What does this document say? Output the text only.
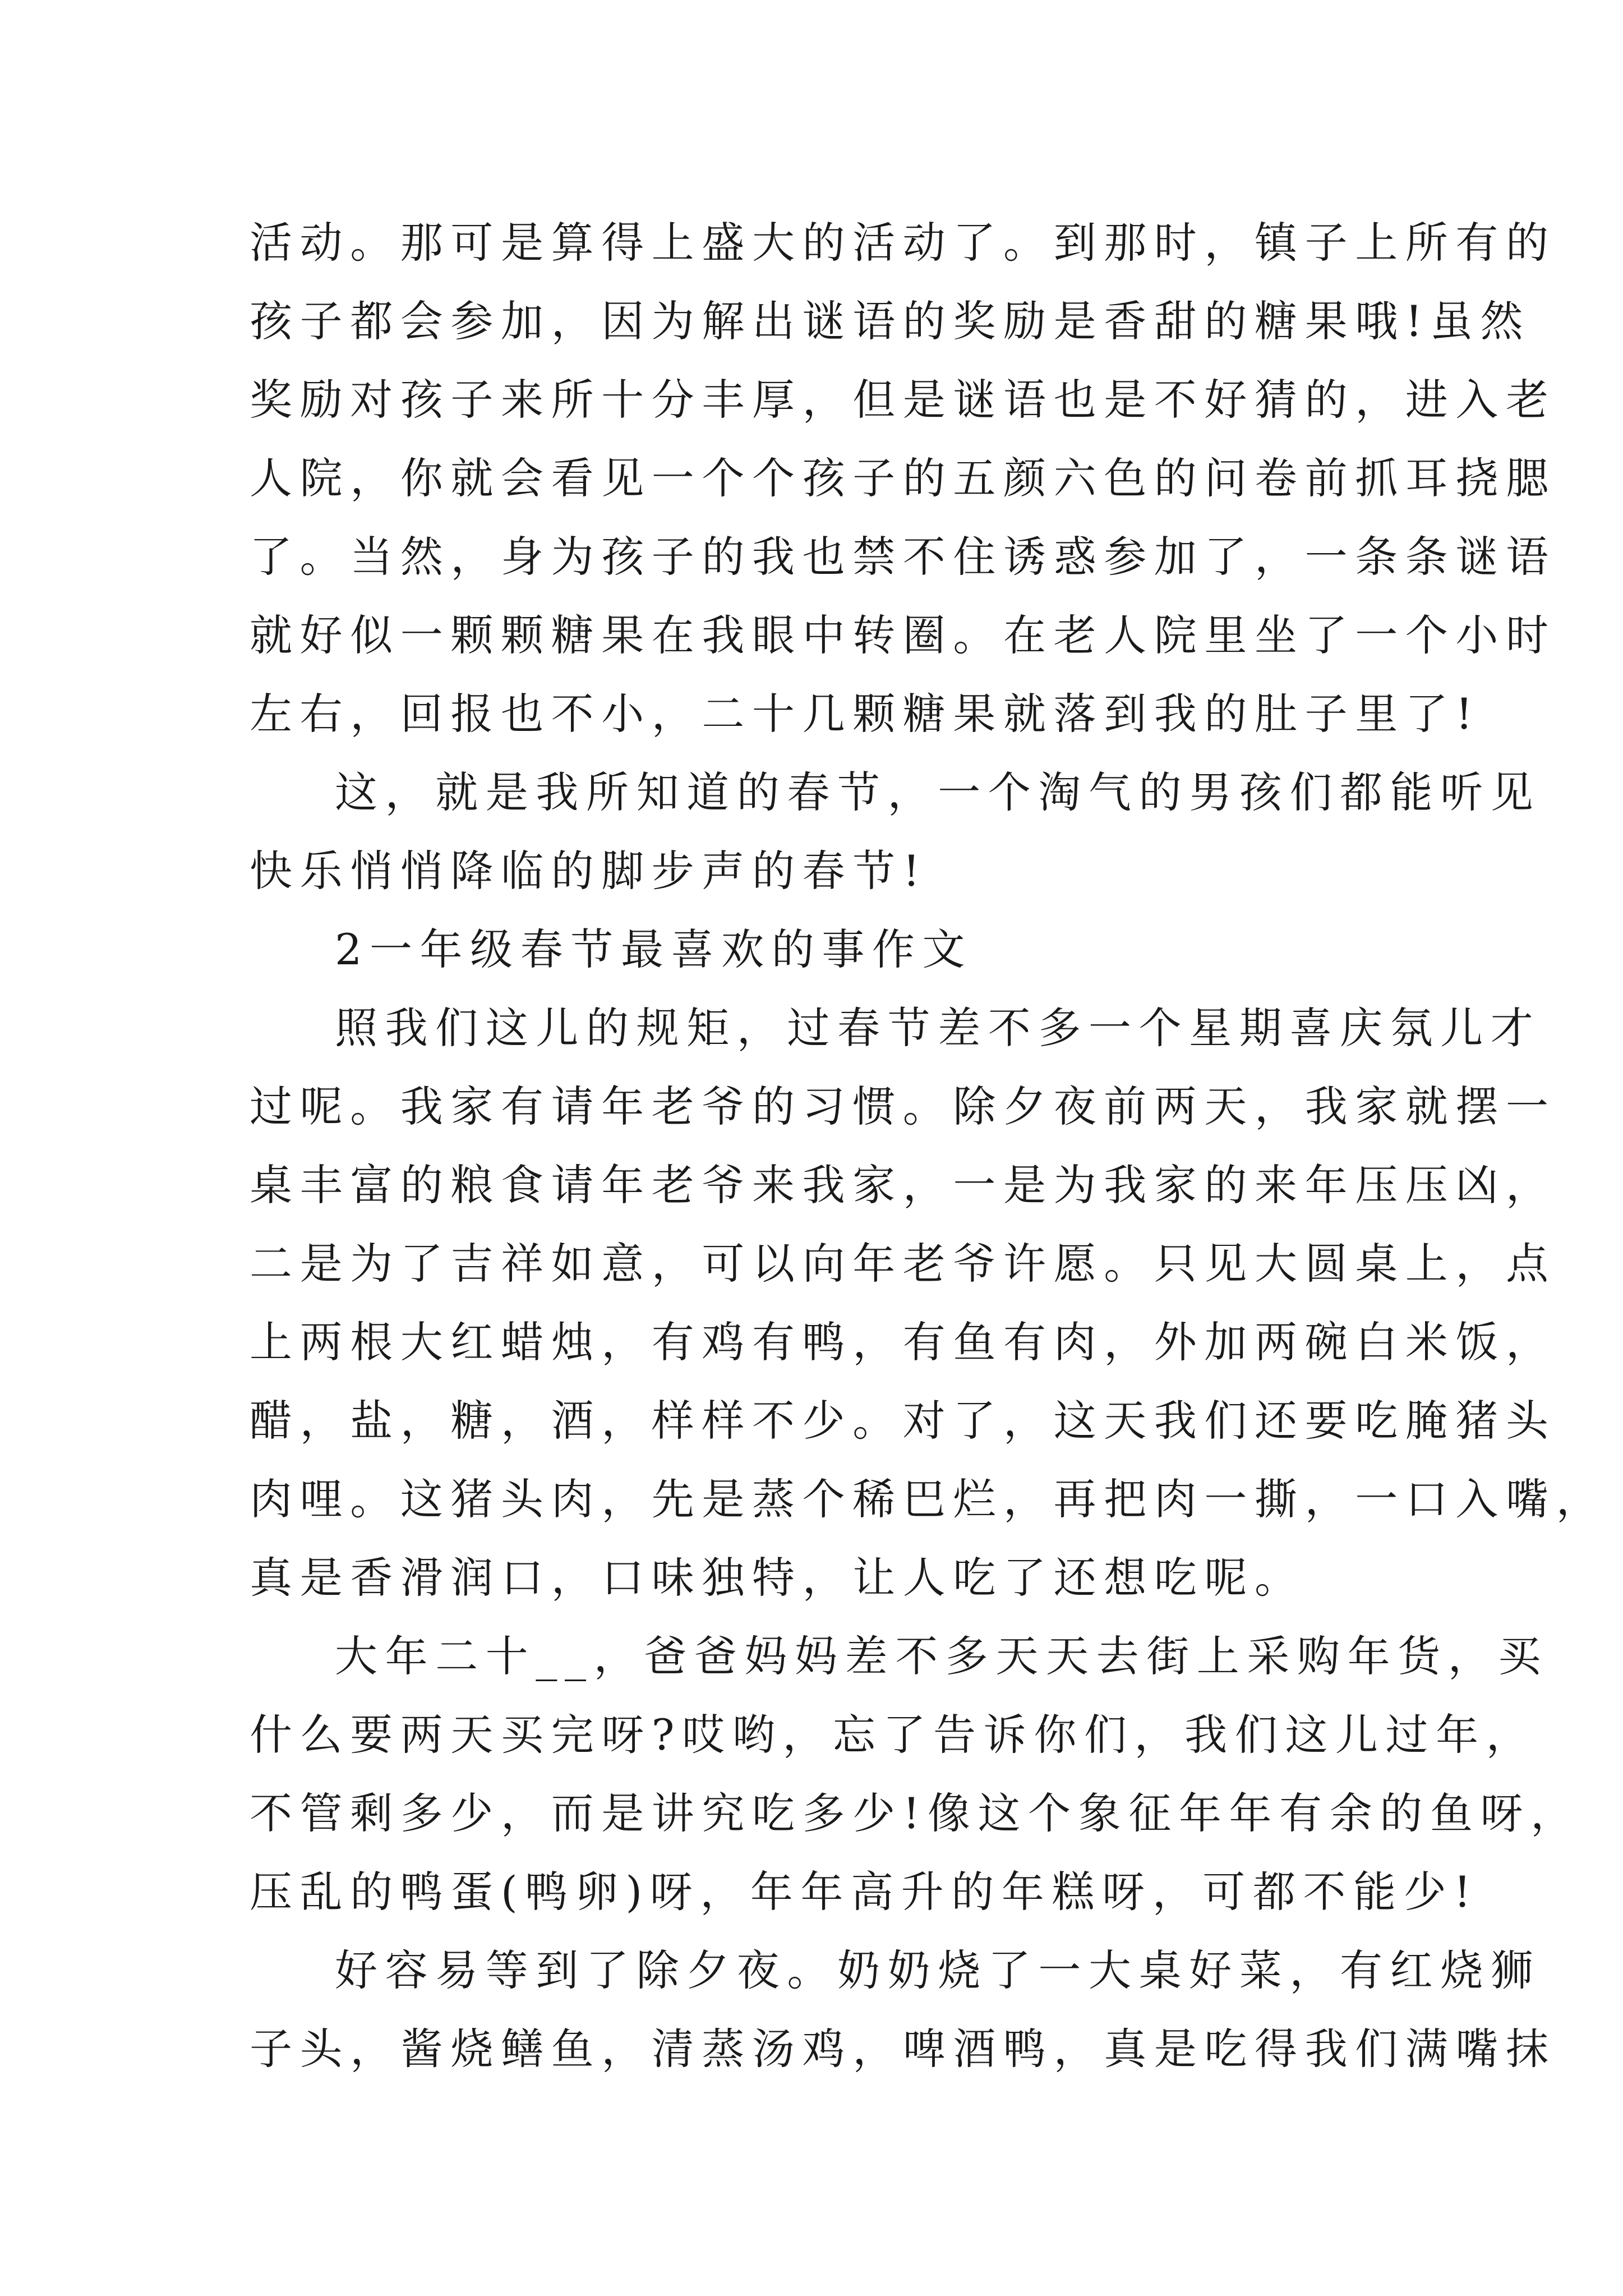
活动。那可是算得上盛大的活动了。到那时，镇子上所有的
孩子都会参加，因为解出谜语的奖励是香甜的糖果哦!虽然
奖励对孩子来所十分丰厚，但是谜语也是不好猜的，进入老
人院，你就会看见一个个孩子的五颜六色的问卷前抓耳挠腮
了。当然，身为孩子的我也禁不住诱惑参加了，一条条谜语
就好似一颗颗糖果在我眼中转圈。在老人院里坐了一个小时
左右，回报也不小，二十几颗糖果就落到我的肚子里了!
这，就是我所知道的春节，一个淘气的男孩们都能听见
快乐悄悄降临的脚步声的春节!
2一年级春节最喜欢的事作文
照我们这儿的规矩，过春节差不多一个星期喜庆氛儿才
过呢。我家有请年老爷的习惯。除夕夜前两天，我家就摆一
桌丰富的粮食请年老爷来我家，一是为我家的来年压压凶，
二是为了吉祥如意，可以向年老爷许愿。只见大圆桌上，点
上两根大红蜡烛，有鸡有鸭，有鱼有肉，外加两碗白米饭，
醋，盐，糖，酒，样样不少。对了，这天我们还要吃腌猪头
肉哩。这猪头肉，先是蒸个稀巴烂，再把肉一撕，一口入嘴，
真是香滑润口，口味独特，让人吃了还想吃呢。
大年二十__，爸爸妈妈差不多天天去街上采购年货，买
什么要两天买完呀?哎哟，忘了告诉你们，我们这儿过年，
不管剩多少，而是讲究吃多少!像这个象征年年有余的鱼呀，
压乱的鸭蛋(鸭卵)呀，年年高升的年糕呀，可都不能少!
好容易等到了除夕夜。奶奶烧了一大桌好菜，有红烧狮
子头，酱烧鳝鱼，清蒸汤鸡，啤酒鸭，真是吃得我们满嘴抹
